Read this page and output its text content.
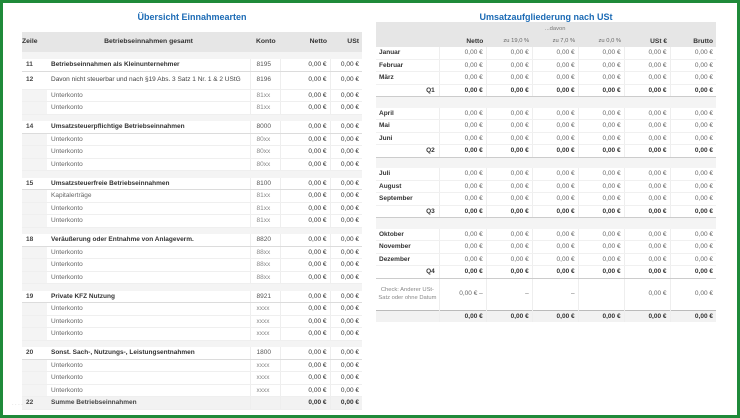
Übersicht Einnahmearten	Umsatzaufgliederung nach USt
Zeile	Betriebseinnahmen gesamt	Konto	Netto	USt

11	Betriebseinnahmen als Kleinunternehmer	8195	0,00 €	0,00 €
12	Davon nicht steuerbar und nach §19 Abs. 3 Satz 1 Nr. 1 & 2 UStG	8196	0,00 €	0,00 €
	Unterkonto	81xx	0,00 €	0,00 €
	Unterkonto	81xx	0,00 €	0,00 €

14	Umsatzsteuerpflichtige Betriebseinnahmen	8000	0,00 €	0,00 €
	Unterkonto	80xx	0,00 €	0,00 €
	Unterkonto	80xx	0,00 €	0,00 €
	Unterkonto	80xx	0,00 €	0,00 €

15	Umsatzsteuerfreie Betriebseinnahmen	8100	0,00 €	0,00 €
	Kapitalerträge	81xx	0,00 €	0,00 €
	Unterkonto	81xx	0,00 €	0,00 €
	Unterkonto	81xx	0,00 €	0,00 €

18	Veräußerung oder Entnahme von Anlageverm.	8820	0,00 €	0,00 €
	Unterkonto	88xx	0,00 €	0,00 €
	Unterkonto	88xx	0,00 €	0,00 €
	Unterkonto	88xx	0,00 €	0,00 €

19	Private KFZ Nutzung	8921	0,00 €	0,00 €
	Unterkonto	xxxx	0,00 €	0,00 €
	Unterkonto	xxxx	0,00 €	0,00 €
	Unterkonto	xxxx	0,00 €	0,00 €

20	Sonst. Sach-, Nutzungs-, Leistungsentnahmen	1800	0,00 €	0,00 €
	Unterkonto	xxxx	0,00 €	0,00 €
	Unterkonto	xxxx	0,00 €	0,00 €
	Unterkonto	xxxx	0,00 €	0,00 €
22	Summe Betriebseinnahmen		0,00 €	0,00 €
		...davon				
	Netto	zu 19,0 %	zu 7,0 %	zu 0,0 %	USt €	Brutto
Januar	0,00 €	0,00 €	0,00 €	0,00 €	0,00 €	0,00 €
Februar	0,00 €	0,00 €	0,00 €	0,00 €	0,00 €	0,00 €
März	0,00 €	0,00 €	0,00 €	0,00 €	0,00 €	0,00 €
Q1	0,00 €	0,00 €	0,00 €	0,00 €	0,00 €	0,00 €

April	0,00 €	0,00 €	0,00 €	0,00 €	0,00 €	0,00 €
Mai	0,00 €	0,00 €	0,00 €	0,00 €	0,00 €	0,00 €
Juni	0,00 €	0,00 €	0,00 €	0,00 €	0,00 €	0,00 €
Q2	0,00 €	0,00 €	0,00 €	0,00 €	0,00 €	0,00 €

Juli	0,00 €	0,00 €	0,00 €	0,00 €	0,00 €	0,00 €
August	0,00 €	0,00 €	0,00 €	0,00 €	0,00 €	0,00 €
September	0,00 €	0,00 €	0,00 €	0,00 €	0,00 €	0,00 €
Q3	0,00 €	0,00 €	0,00 €	0,00 €	0,00 €	0,00 €

Oktober	0,00 €	0,00 €	0,00 €	0,00 €	0,00 €	0,00 €
November	0,00 €	0,00 €	0,00 €	0,00 €	0,00 €	0,00 €
Dezember	0,00 €	0,00 €	0,00 €	0,00 €	0,00 €	0,00 €
Q4	0,00 €	0,00 €	0,00 €	0,00 €	0,00 €	0,00 €
Check: Anderer USt-Satz oder ohne Datum	0,00 € –	–	–		0,00 €	0,00 €
	0,00 €	0,00 €	0,00 €	0,00 €	0,00 €	0,00 €
· · · ·
